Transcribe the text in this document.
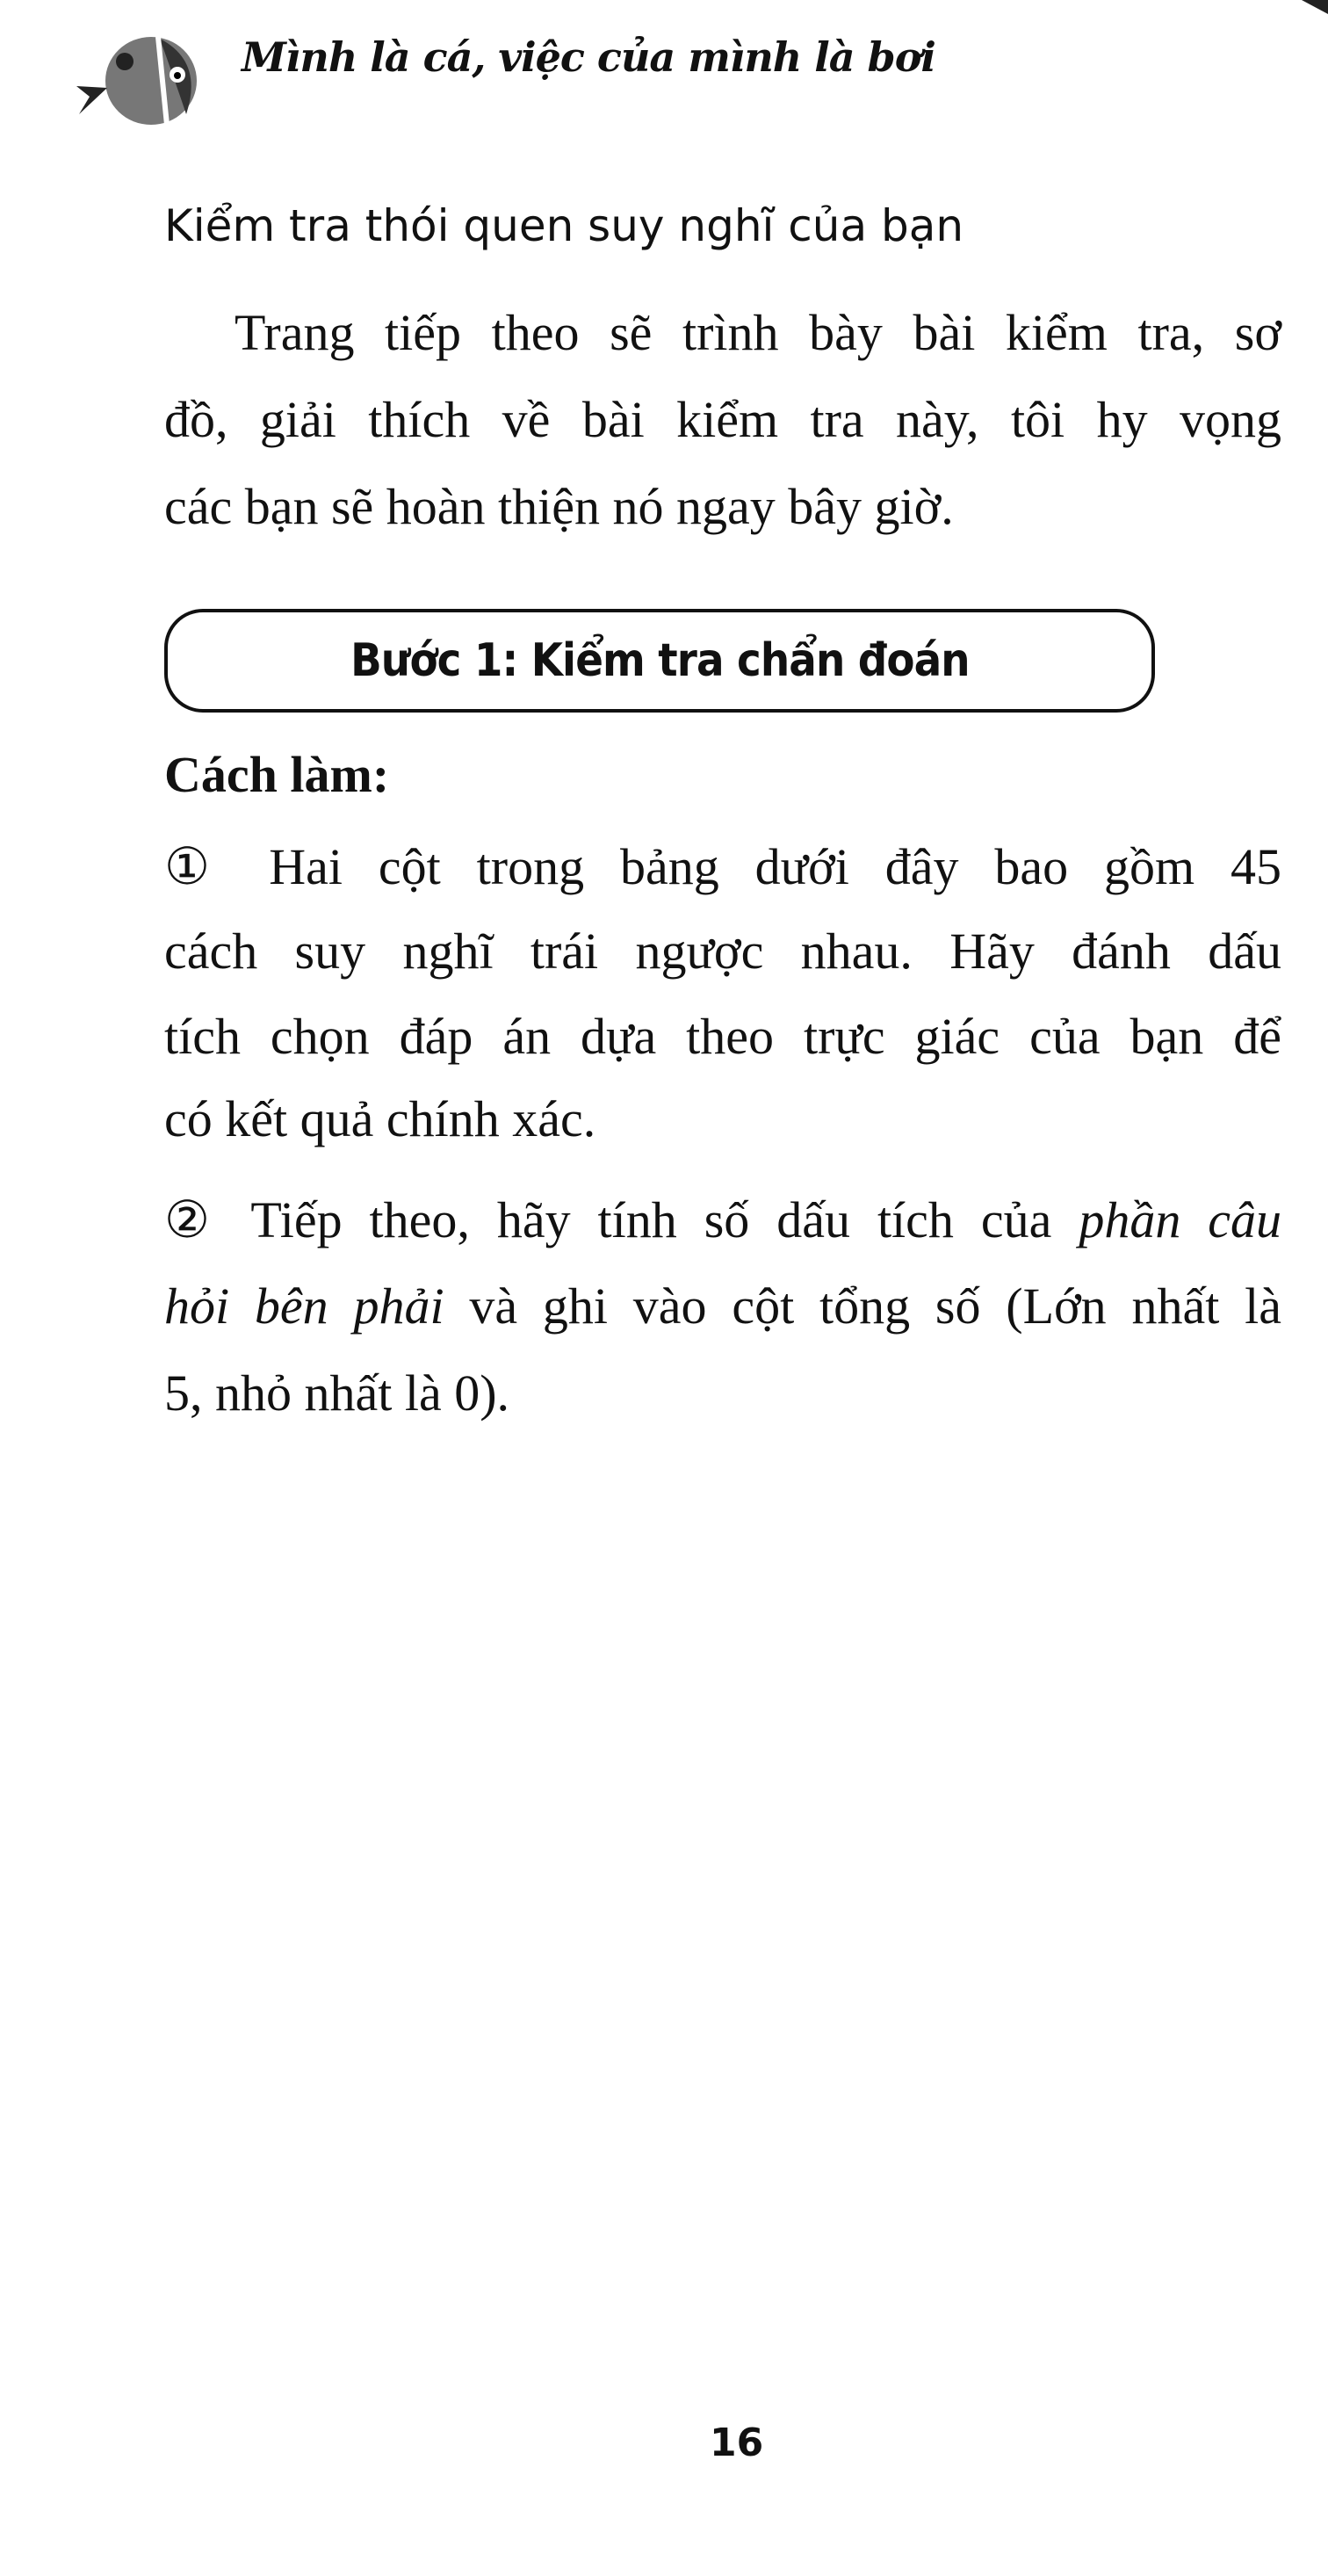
Mình là cá, việc của mình là bơi
Kiểm tra thói quen suy nghĩ của bạn
Trang tiếp theo sẽ trình bày bài kiểm tra, sơ
đồ, giải thích về bài kiểm tra này, tôi hy vọng
các bạn sẽ hoàn thiện nó ngay bây giờ.
Bước 1: Kiểm tra chẩn đoán
Cách làm:
① Hai cột trong bảng dưới đây bao gồm 45
cách suy nghĩ trái ngược nhau. Hãy đánh dấu
tích chọn đáp án dựa theo trực giác của bạn để
có kết quả chính xác.
② Tiếp theo, hãy tính số dấu tích của phần câu
hỏi bên phải và ghi vào cột tổng số (Lớn nhất là
5, nhỏ nhất là 0).
16
